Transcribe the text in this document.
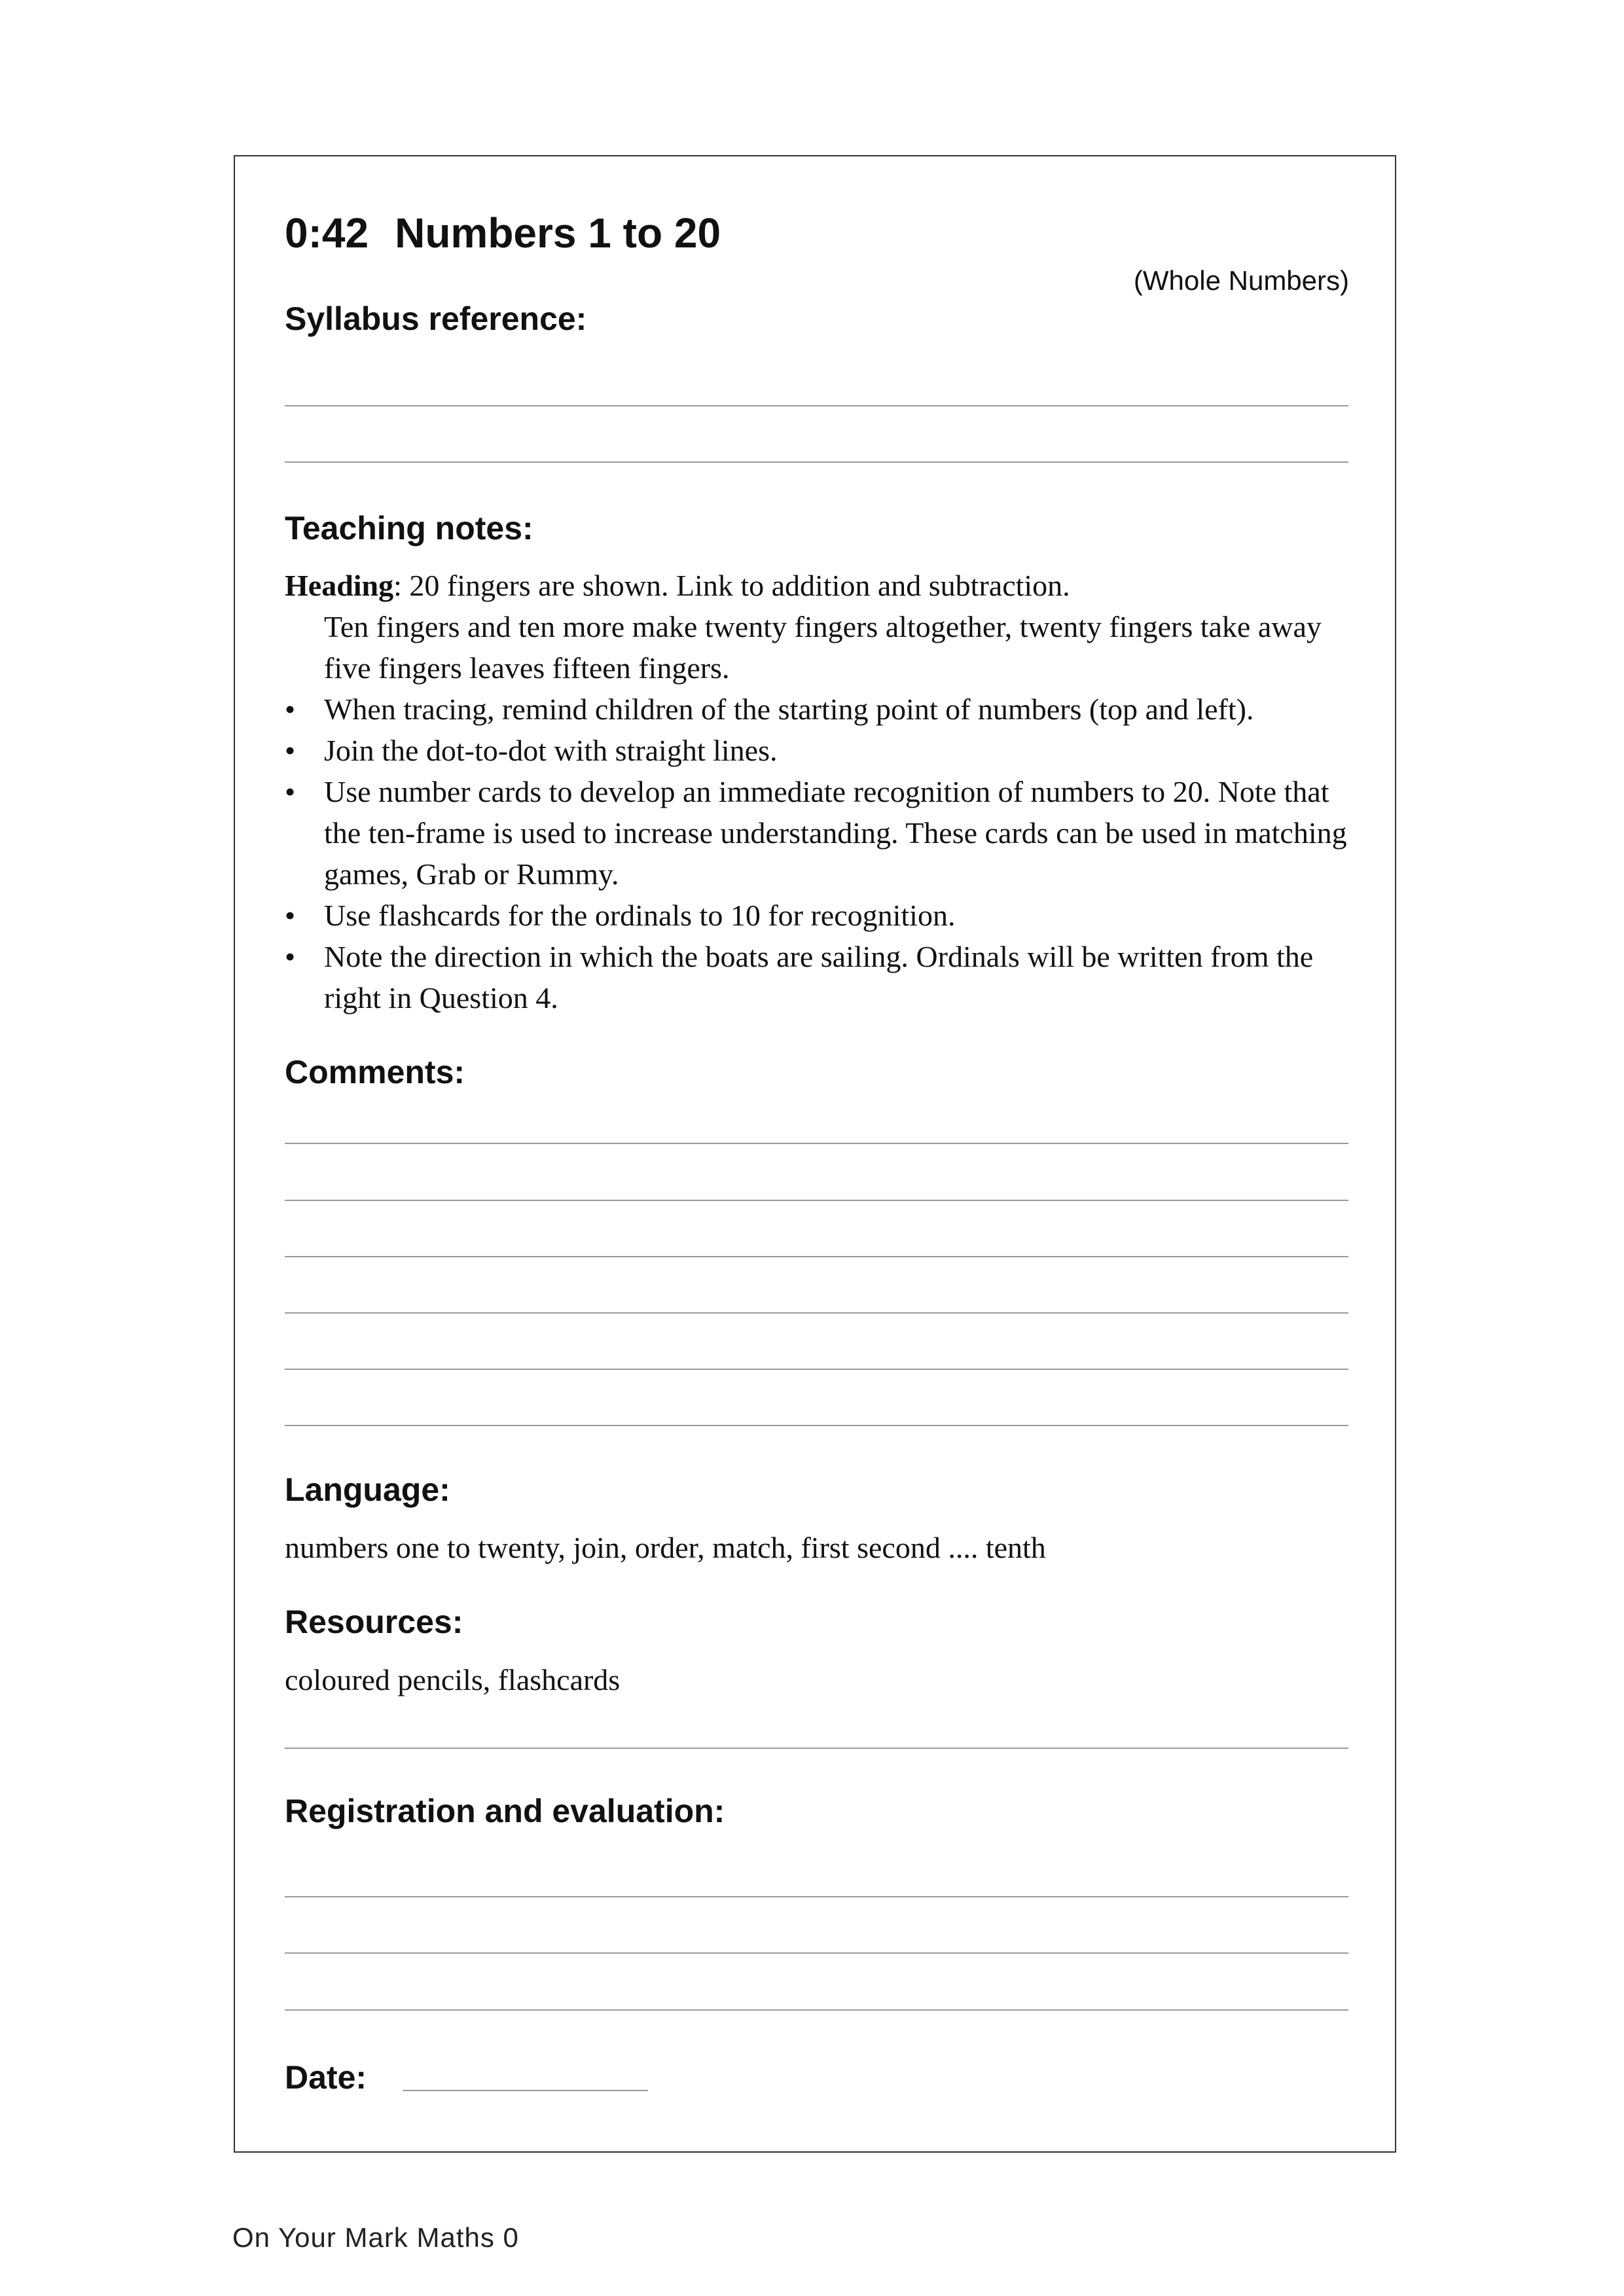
0:42 Numbers 1 to 20
(Whole Numbers)
Syllabus reference:
Teaching notes:

Heading: 20 fingers are shown. Link to addition and subtraction.

Ten fingers and ten more make twenty fingers altogether, twenty fingers take away five fingers leaves fifteen fingers.

• When tracing, remind children of the starting point of numbers (top and left).
• Join the dot-to-dot with straight lines.
• Use number cards to develop an immediate recognition of numbers to 20. Note that the ten-frame is used to increase understanding. These cards can be used in matching games, Grab or Rummy.
• Use flashcards for the ordinals to 10 for recognition.
• Note the direction in which the boats are sailing. Ordinals will be written from the right in Question 4.
Comments:
Language:

numbers one to twenty, join, order, match, first second .... tenth

Resources:

coloured pencils, flashcards

Registration and evaluation:
Date:
On Your Mark Maths 0
